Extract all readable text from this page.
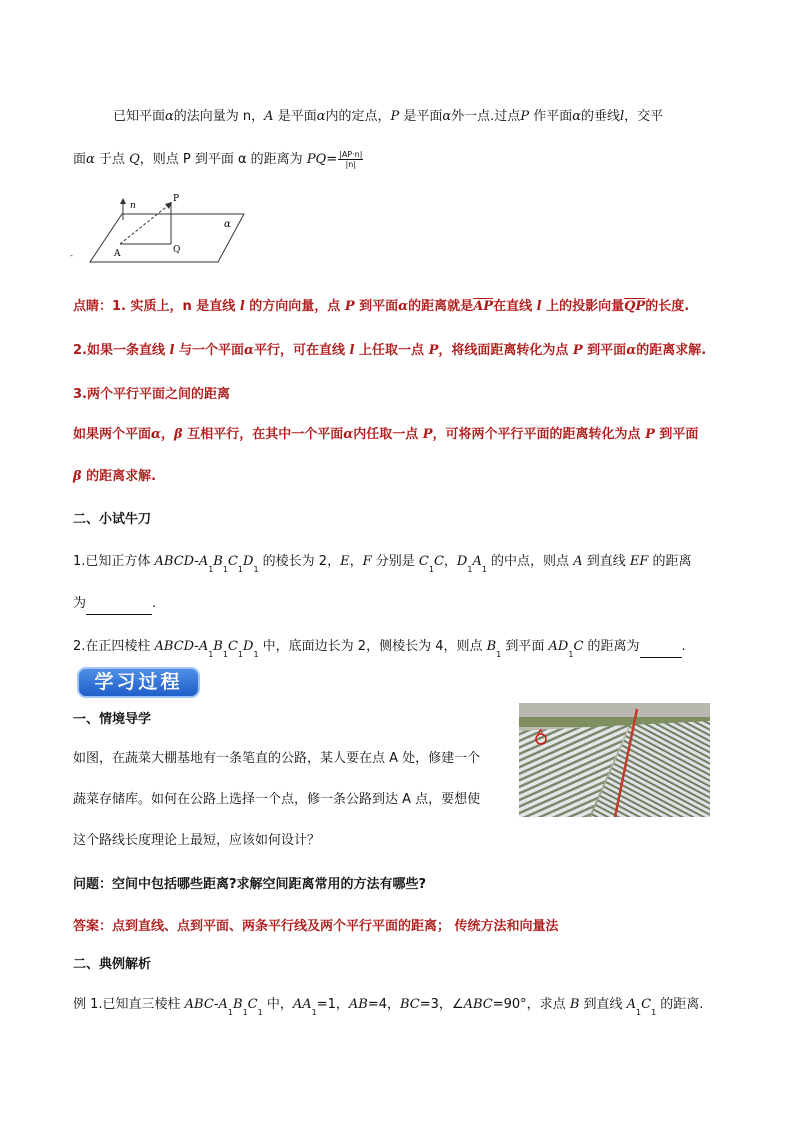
已知平面α的法向量为 n，A 是平面α内的定点，P 是平面α外一点.过点P 作平面α的垂线l，交平
面α 于点 Q，则点 P 到平面 α 的距离为 $PQ= \frac{|AP\cdot n|}{|n|}$
n
P
α
A	Q
-
点睛：1. 实质上，n 是直线 l 的方向向量，点 P 到平面α的距离就是$\overline{AP}$在直线 l 上的投影向量$\overline{QP}$的长度.
2.如果一条直线 l 与一个平面α平行，可在直线 l 上任取一点 P，将线面距离转化为点 P 到平面α的距离求解.
3.两个平行平面之间的距离
如果两个平面α，β 互相平行，在其中一个平面α内任取一点 P，可将两个平行平面的距离转化为点 P 到平面
β 的距离求解.
二、小试牛刀
1.已知正方体 ABCD-$A_1B_1C_1D_1$ 的棱长为 2，E，F 分别是 $C_1C$，$D_1A_1$ 的中点，则点 A 到直线 EF 的距离
为	.
2.在正四棱柱 ABCD-$A_1B_1C_1D_1$ 中，底面边长为 2，侧棱长为 4，则点 $B_1$ 到平面 $AD_1C$ 的距离为	.
学习过程
一、情境导学
如图，在蔬菜大棚基地有一条笔直的公路，某人要在点 A 处，修建一个
蔬菜存储库。如何在公路上选择一个点，修一条公路到达 A 点，要想使
这个路线长度理论上最短，应该如何设计？
A
问题：空间中包括哪些距离?求解空间距离常用的方法有哪些?
答案：点到直线、点到平面、两条平行线及两个平行平面的距离； 传统方法和向量法
二、典例解析
例 1.已知直三棱柱 ABC-$A_1B_1C_1$ 中，$AA_1=1$，AB=4，BC=3，∠ABC=90°，求点 B 到直线 $A_1C_1$ 的距离.
